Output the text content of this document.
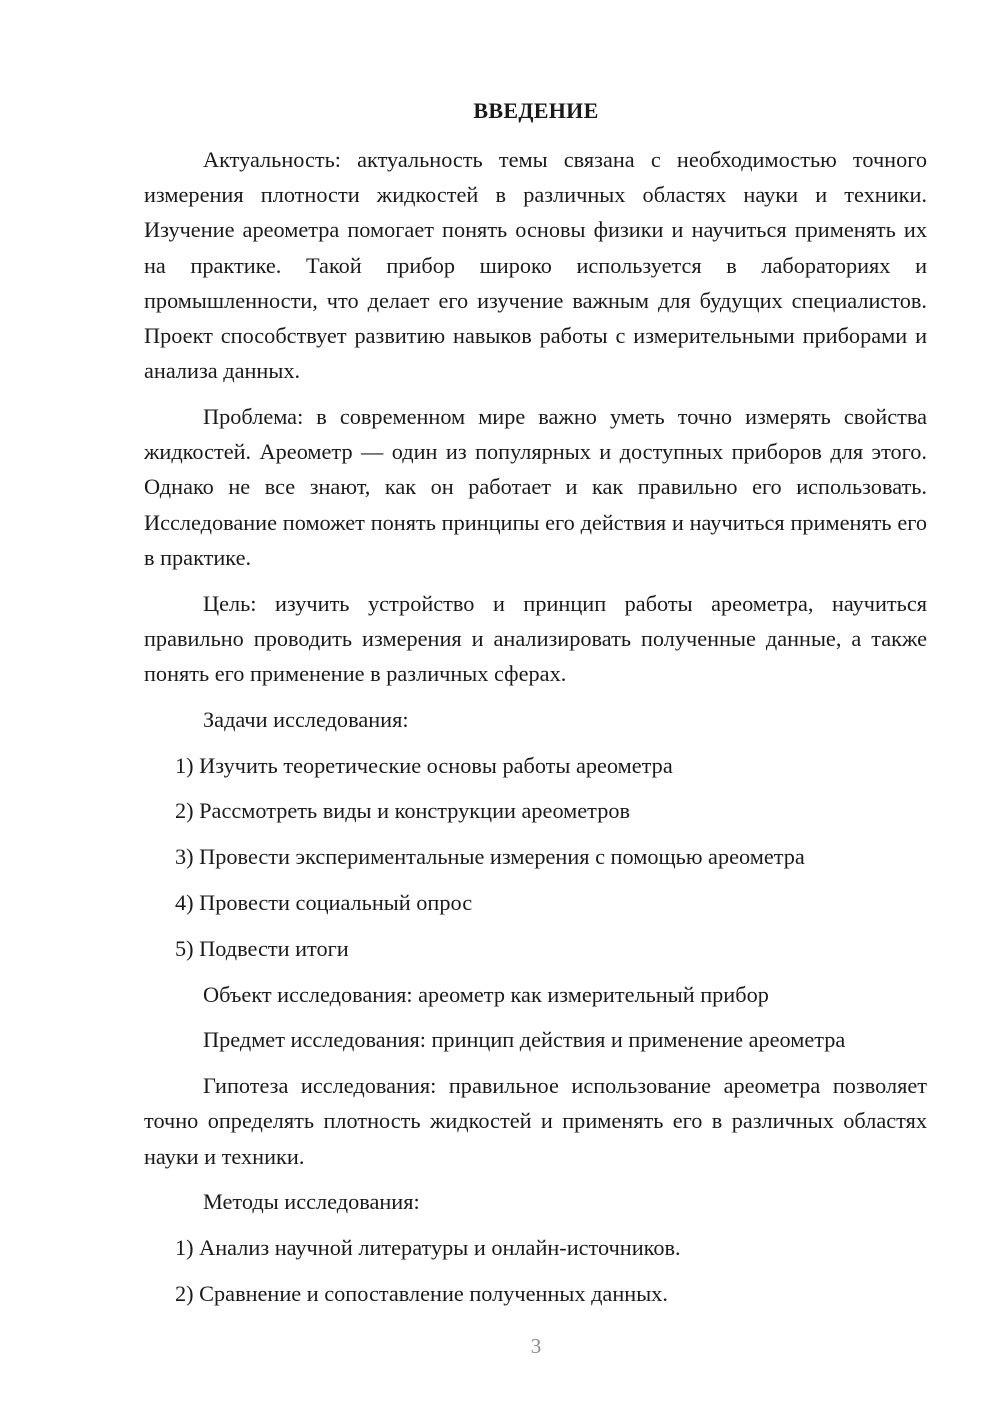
ВВЕДЕНИЕ

Актуальность: актуальность темы связана с необходимостью точного измерения плотности жидкостей в различных областях науки и техники. Изучение ареометра помогает понять основы физики и научиться применять их на практике. Такой прибор широко используется в лабораториях и промышленности, что делает его изучение важным для будущих специалистов. Проект способствует развитию навыков работы с измерительными приборами и анализа данных.

Проблема: в современном мире важно уметь точно измерять свойства жидкостей. Ареометр — один из популярных и доступных приборов для этого. Однако не все знают, как он работает и как правильно его использовать. Исследование поможет понять принципы его действия и научиться применять его в практике.

Цель: изучить устройство и принцип работы ареометра, научиться правильно проводить измерения и анализировать полученные данные, а также понять его применение в различных сферах.

Задачи исследования:

1) Изучить теоретические основы работы ареометра

2) Рассмотреть виды и конструкции ареометров

3) Провести экспериментальные измерения с помощью ареометра

4) Провести социальный опрос

5) Подвести итоги

Объект исследования: ареометр как измерительный прибор

Предмет исследования: принцип действия и применение ареометра

Гипотеза исследования: правильное использование ареометра позволяет точно определять плотность жидкостей и применять его в различных областях науки и техники.

Методы исследования:

1) Анализ научной литературы и онлайн-источников.

2) Сравнение и сопоставление полученных данных.

3
